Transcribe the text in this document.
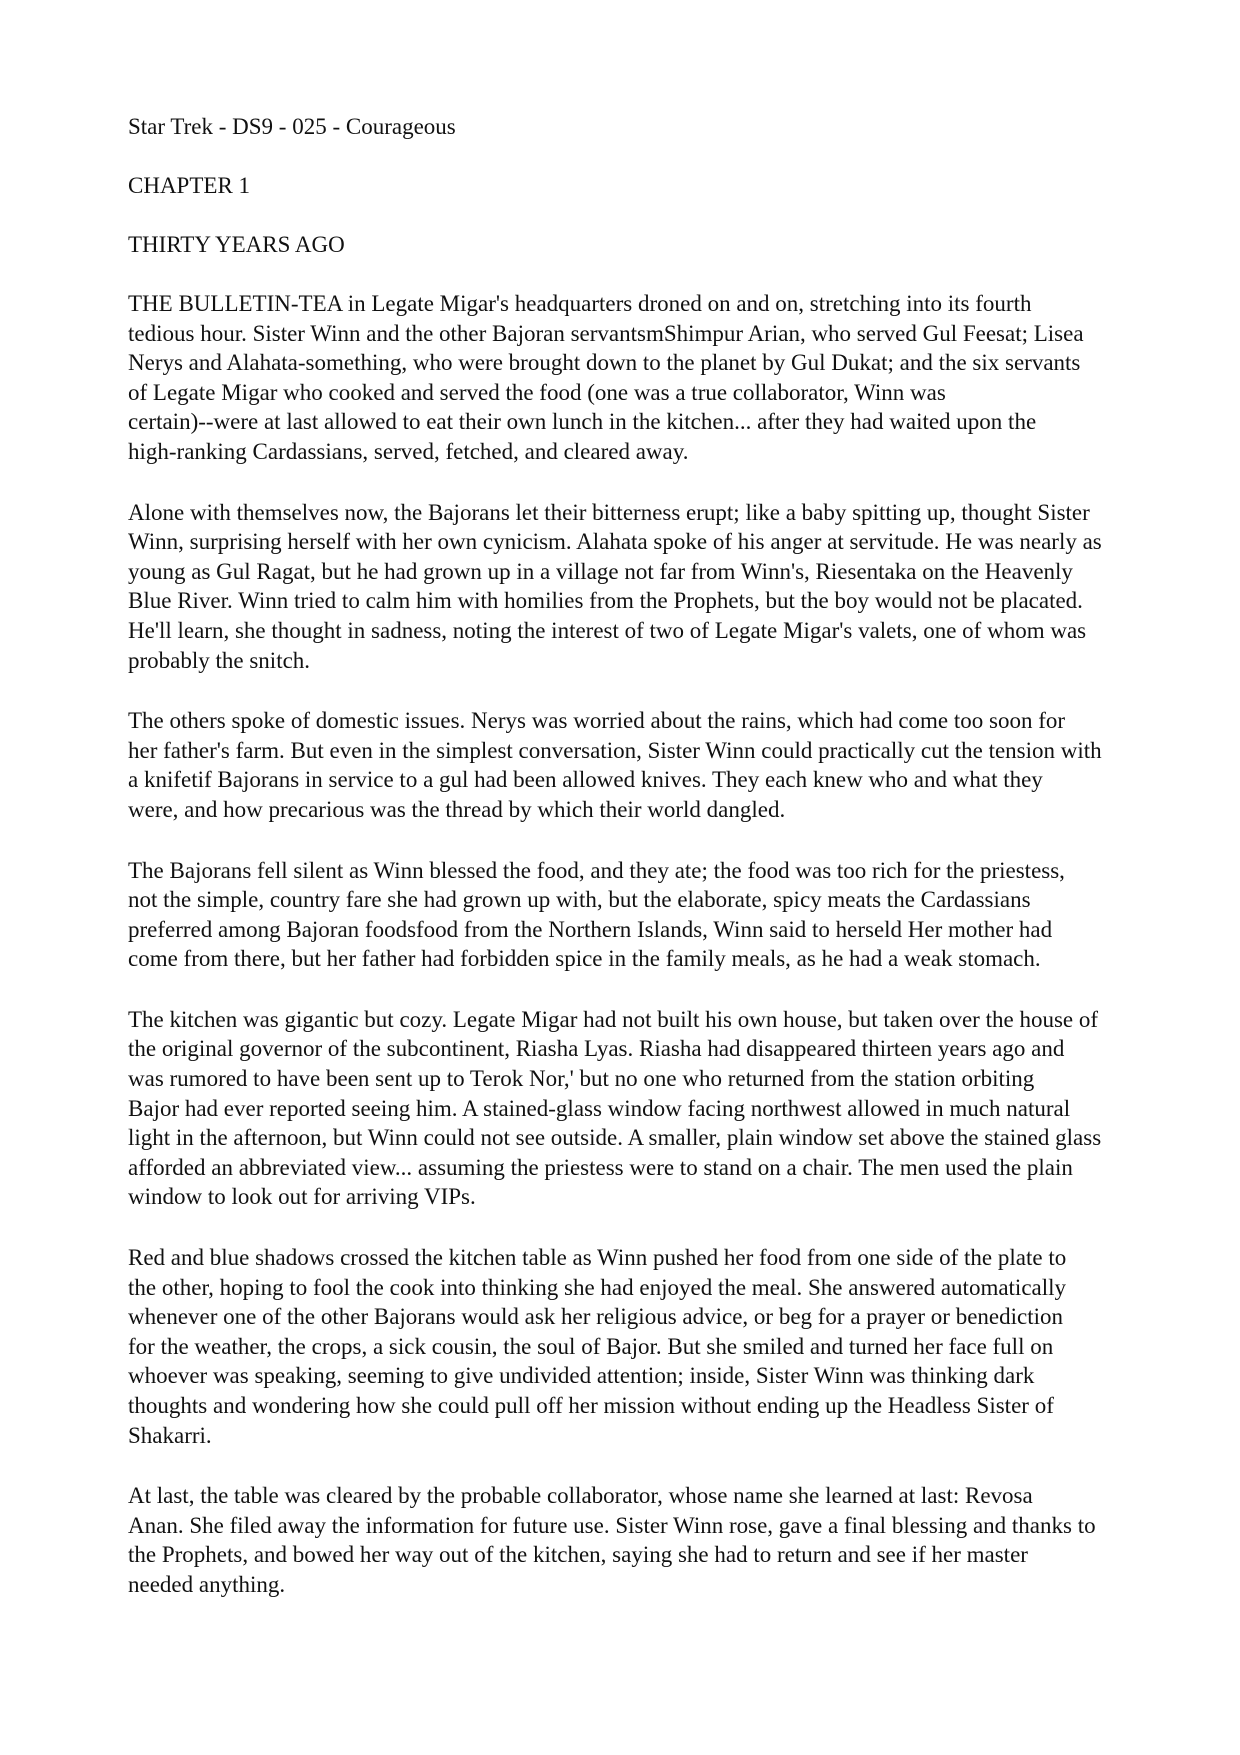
Star Trek - DS9 - 025 - Courageous
CHAPTER 1
THIRTY YEARS AGO
THE BULLETIN-TEA in Legate Migar's headquarters droned on and on, stretching into its fourth
tedious hour. Sister Winn and the other Bajoran servantsmShimpur Arian, who served Gul Feesat; Lisea
Nerys and Alahata-something, who were brought down to the planet by Gul Dukat; and the six servants
of Legate Migar who cooked and served the food (one was a true collaborator, Winn was
certain)--were at last allowed to eat their own lunch in the kitchen... after they had waited upon the
high-ranking Cardassians, served, fetched, and cleared away.
Alone with themselves now, the Bajorans let their bitterness erupt; like a baby spitting up, thought Sister
Winn, surprising herself with her own cynicism. Alahata spoke of his anger at servitude. He was nearly as
young as Gul Ragat, but he had grown up in a village not far from Winn's, Riesentaka on the Heavenly
Blue River. Winn tried to calm him with homilies from the Prophets, but the boy would not be placated.
He'll learn, she thought in sadness, noting the interest of two of Legate Migar's valets, one of whom was
probably the snitch.
The others spoke of domestic issues. Nerys was worried about the rains, which had come too soon for
her father's farm. But even in the simplest conversation, Sister Winn could practically cut the tension with
a knifetif Bajorans in service to a gul had been allowed knives. They each knew who and what they
were, and how precarious was the thread by which their world dangled.
The Bajorans fell silent as Winn blessed the food, and they ate; the food was too rich for the priestess,
not the simple, country fare she had grown up with, but the elaborate, spicy meats the Cardassians
preferred among Bajoran foodsfood from the Northern Islands, Winn said to herseld Her mother had
come from there, but her father had forbidden spice in the family meals, as he had a weak stomach.
The kitchen was gigantic but cozy. Legate Migar had not built his own house, but taken over the house of
the original governor of the subcontinent, Riasha Lyas. Riasha had disappeared thirteen years ago and
was rumored to have been sent up to Terok Nor,' but no one who returned from the station orbiting
Bajor had ever reported seeing him. A stained-glass window facing northwest allowed in much natural
light in the afternoon, but Winn could not see outside. A smaller, plain window set above the stained glass
afforded an abbreviated view... assuming the priestess were to stand on a chair. The men used the plain
window to look out for arriving VIPs.
Red and blue shadows crossed the kitchen table as Winn pushed her food from one side of the plate to
the other, hoping to fool the cook into thinking she had enjoyed the meal. She answered automatically
whenever one of the other Bajorans would ask her religious advice, or beg for a prayer or benediction
for the weather, the crops, a sick cousin, the soul of Bajor. But she smiled and turned her face full on
whoever was speaking, seeming to give undivided attention; inside, Sister Winn was thinking dark
thoughts and wondering how she could pull off her mission without ending up the Headless Sister of
Shakarri.
At last, the table was cleared by the probable collaborator, whose name she learned at last: Revosa
Anan. She filed away the information for future use. Sister Winn rose, gave a final blessing and thanks to
the Prophets, and bowed her way out of the kitchen, saying she had to return and see if her master
needed anything.
